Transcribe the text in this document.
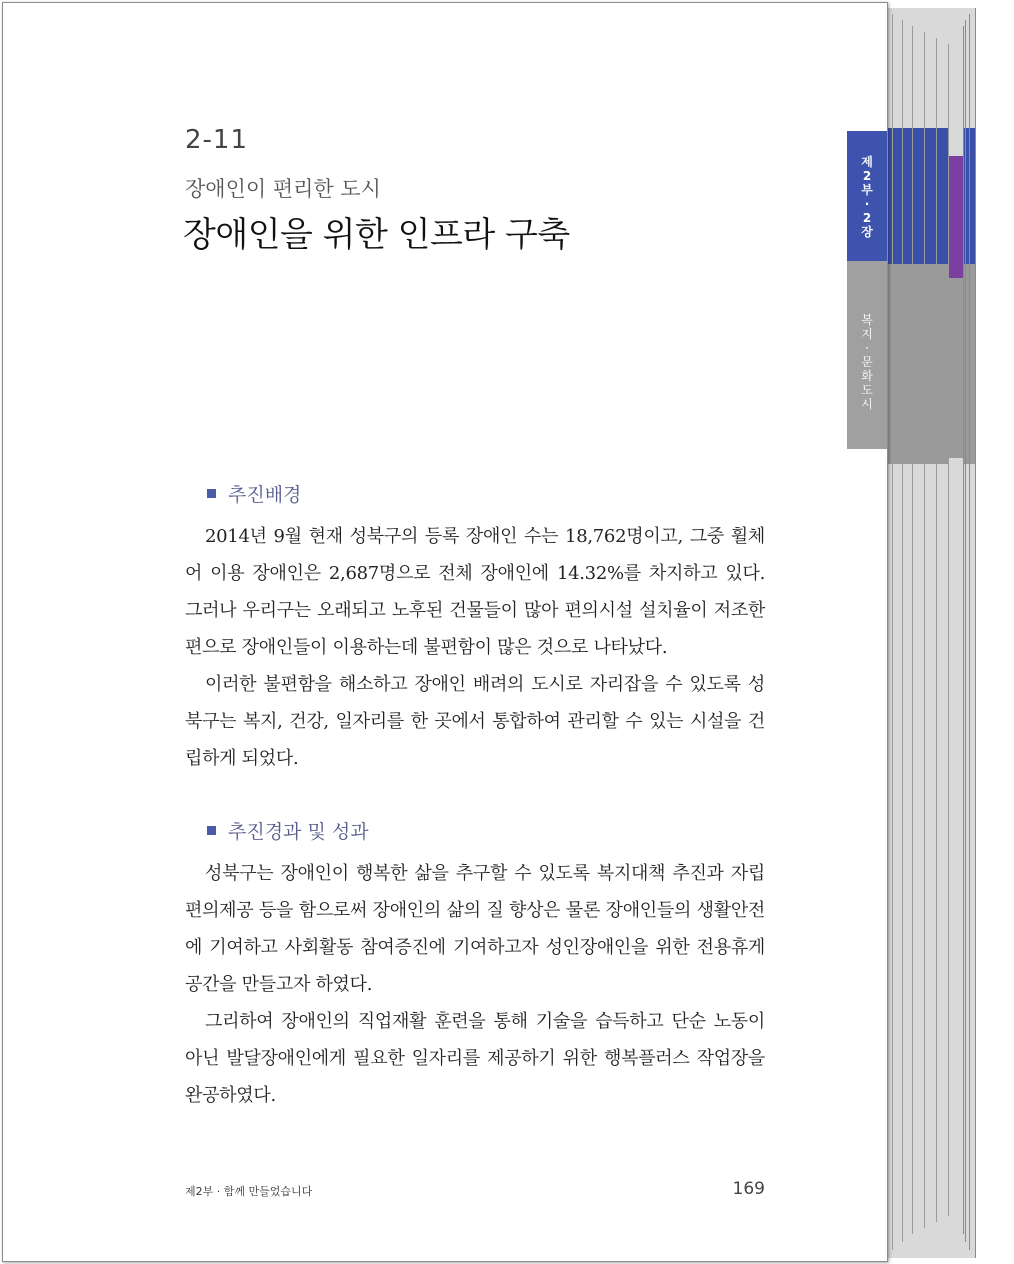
제
2
부
·
2
장
복
지
·
문
화
도
시
2-11
장애인이 편리한 도시
장애인을 위한 인프라 구축
추진배경

2014년 9월 현재 성북구의 등록 장애인 수는 18,762명이고, 그중 휠체어 이용 장애인은 2,687명으로 전체 장애인에 14.32%를 차지하고 있다. 그러나 우리구는 오래되고 노후된 건물들이 많아 편의시설 설치율이 저조한 편으로 장애인들이 이용하는데 불편함이 많은 것으로 나타났다.

이러한 불편함을 해소하고 장애인 배려의 도시로 자리잡을 수 있도록 성북구는 복지, 건강, 일자리를 한 곳에서 통합하여 관리할 수 있는 시설을 건립하게 되었다.

추진경과 및 성과

성북구는 장애인이 행복한 삶을 추구할 수 있도록 복지대책 추진과 자립 편의제공 등을 함으로써 장애인의 삶의 질 향상은 물론 장애인들의 생활안전에 기여하고 사회활동 참여증진에 기여하고자 성인장애인을 위한 전용휴게 공간을 만들고자 하였다.

그리하여 장애인의 직업재활 훈련을 통해 기술을 습득하고 단순 노동이 아닌 발달장애인에게 필요한 일자리를 제공하기 위한 행복플러스 작업장을 완공하였다.

제2부 · 함께 만들었습니다	169
